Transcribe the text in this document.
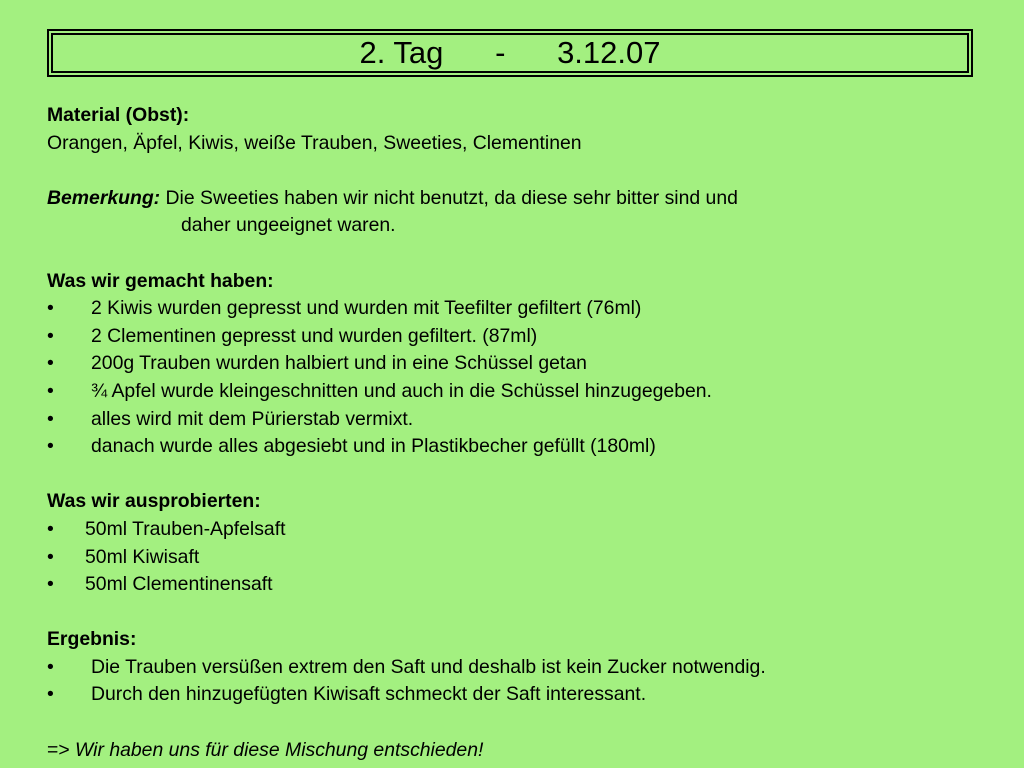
2. Tag      -      3.12.07
Material (Obst):
Orangen, Äpfel, Kiwis, weiße Trauben, Sweeties, Clementinen
Bemerkung: Die Sweeties haben wir nicht benutzt, da diese sehr bitter sind und
daher ungeeignet waren.
Was wir gemacht haben:
•	2 Kiwis wurden gepresst und wurden mit Teefilter gefiltert (76ml)
•	2 Clementinen gepresst und wurden gefiltert. (87ml)
•	200g Trauben wurden halbiert und in eine Schüssel getan
•	¾ Apfel wurde kleingeschnitten und auch in die Schüssel hinzugegeben.
•	alles wird mit dem Pürierstab vermixt.
•	danach wurde alles abgesiebt und in Plastikbecher gefüllt (180ml)
Was wir ausprobierten:
•	50ml Trauben-Apfelsaft
•	50ml Kiwisaft
•	50ml Clementinensaft
Ergebnis:
•	Die Trauben versüßen extrem den Saft und deshalb ist kein Zucker notwendig.
•	Durch den hinzugefügten Kiwisaft schmeckt der Saft interessant.
=> Wir haben uns für diese Mischung entschieden!
